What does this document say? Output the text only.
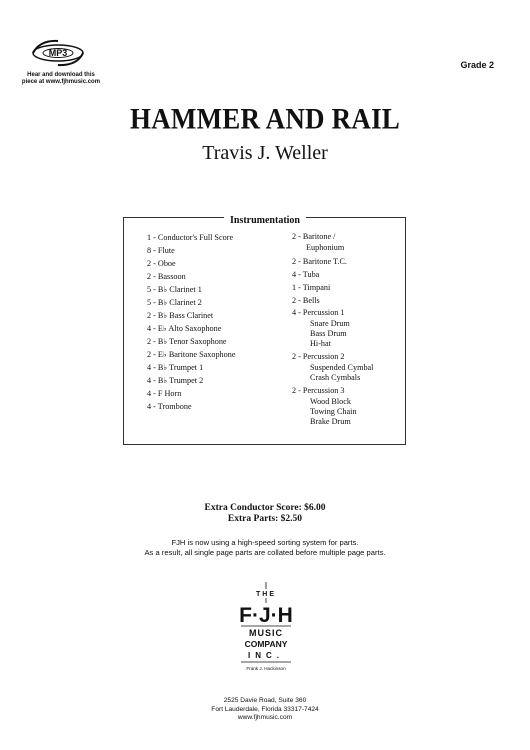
MP3
Hear and download this
piece at www.fjhmusic.com
Grade 2
HAMMER AND RAIL
Travis J. Weller
Instrumentation
1 - Conductor's Full Score
8 - Flute
2 - Oboe
2 - Bassoon
5 - B♭ Clarinet 1
5 - B♭ Clarinet 2
2 - B♭ Bass Clarinet
4 - E♭ Alto Saxophone
2 - B♭ Tenor Saxophone
2 - E♭ Baritone Saxophone
4 - B♭ Trumpet 1
4 - B♭ Trumpet 2
4 - F Horn
4 - Trombone
2 - Baritone /
Euphonium
2 - Baritone T.C.
4 - Tuba
1 - Timpani
2 - Bells
4 - Percussion 1
Snare Drum
Bass Drum
Hi-hat
2 - Percussion 2
Suspended Cymbal
Crash Cymbals
2 - Percussion 3
Wood Block
Towing Chain
Brake Drum
Extra Conductor Score: $6.00
Extra Parts: $2.50
FJH is now using a high-speed sorting system for parts.
As a result, all single page parts are collated before multiple page parts.
THE
F·J·H
MUSIC
COMPANY
INC.
Frank J. Hackinson
2525 Davie Road, Suite 360
Fort Lauderdale, Florida 33317-7424
www.fjhmusic.com
